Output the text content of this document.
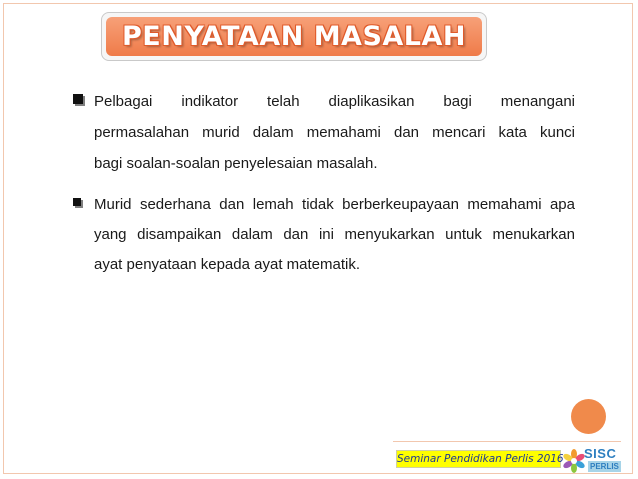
PENYATAAN MASALAH
Pelbagai indikator telah diaplikasikan bagi menangani
permasalahan murid dalam memahami dan mencari kata kunci
bagi soalan-soalan penyelesaian masalah.
Murid sederhana dan lemah tidak berberkeupayaan memahami apa
yang disampaikan dalam dan ini menyukarkan untuk menukarkan
ayat penyataan kepada ayat matematik.
Seminar Pendidikan Perlis 2016 SISC
PERLIS
